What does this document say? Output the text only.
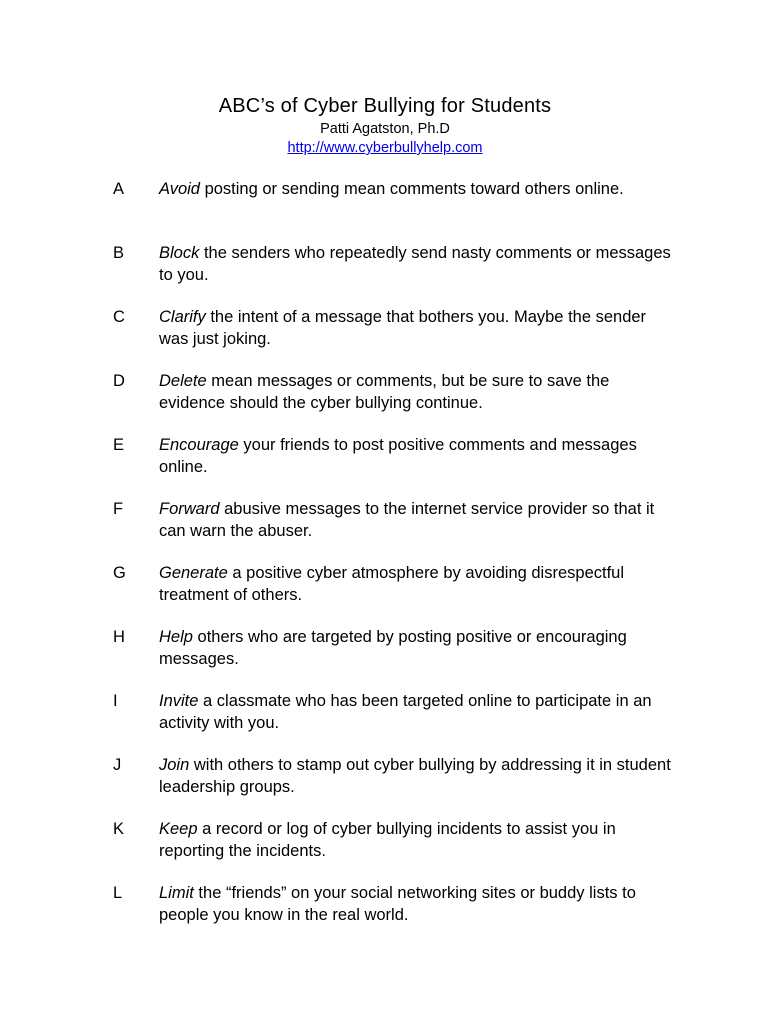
ABC’s of Cyber Bullying for Students
Patti Agatston, Ph.D
http://www.cyberbullyhelp.com
A Avoid posting or sending mean comments toward others online.
B Block the senders who repeatedly send nasty comments or messages to you.
C Clarify the intent of a message that bothers you. Maybe the sender was just joking.
D Delete mean messages or comments, but be sure to save the evidence should the cyber bullying continue.
E Encourage your friends to post positive comments and messages online.
F Forward abusive messages to the internet service provider so that it can warn the abuser.
G Generate a positive cyber atmosphere by avoiding disrespectful treatment of others.
H Help others who are targeted by posting positive or encouraging messages.
I	Invite a classmate who has been targeted online to participate in an activity with you.
J Join with others to stamp out cyber bullying by addressing it in student leadership groups.
K Keep a record or log of cyber bullying incidents to assist you in reporting the incidents.
L Limit the “friends” on your social networking sites or buddy lists to people you know in the real world.
